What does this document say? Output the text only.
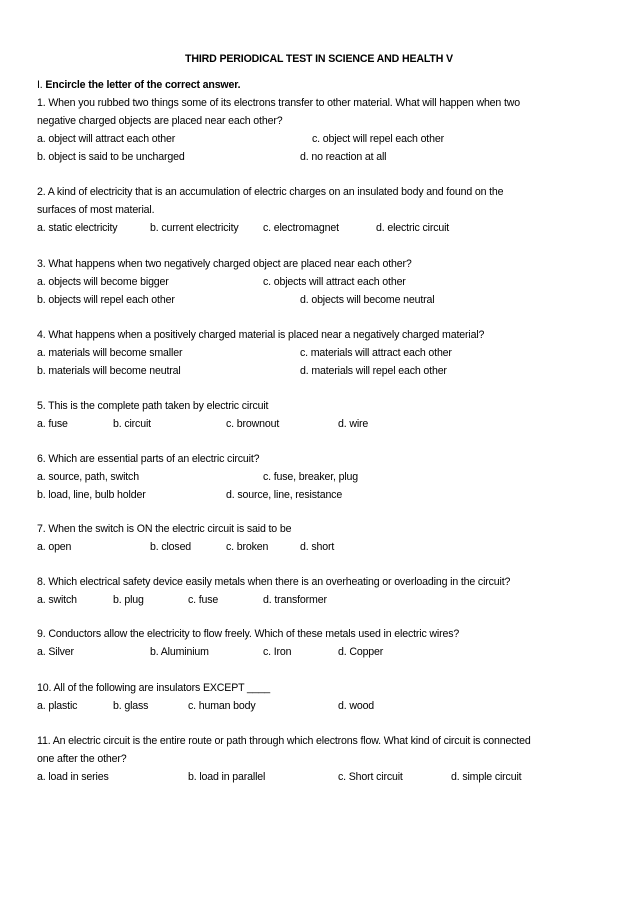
THIRD PERIODICAL TEST IN SCIENCE AND HEALTH V
I. Encircle the letter of the correct answer.
1. When you rubbed two things some of its electrons transfer to other material. What will happen when two
negative charged objects are placed near each other?
a. object will attract each other	c. object will repel each other
b. object is said to be uncharged	d. no reaction at all
2. A kind of electricity that is an accumulation of electric charges on an insulated body and found on the
surfaces of most material.
a. static electricity	b. current electricity c. electromagnet	d. electric circuit
3. What happens when two negatively charged object are placed near each other?
a. objects will become bigger	c. objects will attract each other
b. objects will repel each other	d. objects will become neutral
4. What happens when a positively charged material is placed near a negatively charged material?
a. materials will become smaller	c. materials will attract each other
b. materials will become neutral	d. materials will repel each other
5. This is the complete path taken by electric circuit
a. fuse	b. circuit	c. brownout	d. wire
6. Which are essential parts of an electric circuit?
a. source, path, switch	c. fuse, breaker, plug
b. load, line, bulb holder	d. source, line, resistance
7. When the switch is ON the electric circuit is said to be
a. open	b. closed	c. broken	d. short
8. Which electrical safety device easily metals when there is an overheating or overloading in the circuit?
a. switch	b. plug	c. fuse	d. transformer
9. Conductors allow the electricity to flow freely. Which of these metals used in electric wires?
a. Silver	b. Aluminium	c. Iron	d. Copper
10. All of the following are insulators EXCEPT ____
a. plastic	b. glass	c. human body	d. wood
11. An electric circuit is the entire route or path through which electrons flow. What kind of circuit is connected
one after the other?
a. load in series	b. load in parallel	c. Short circuit	d. simple circuit
